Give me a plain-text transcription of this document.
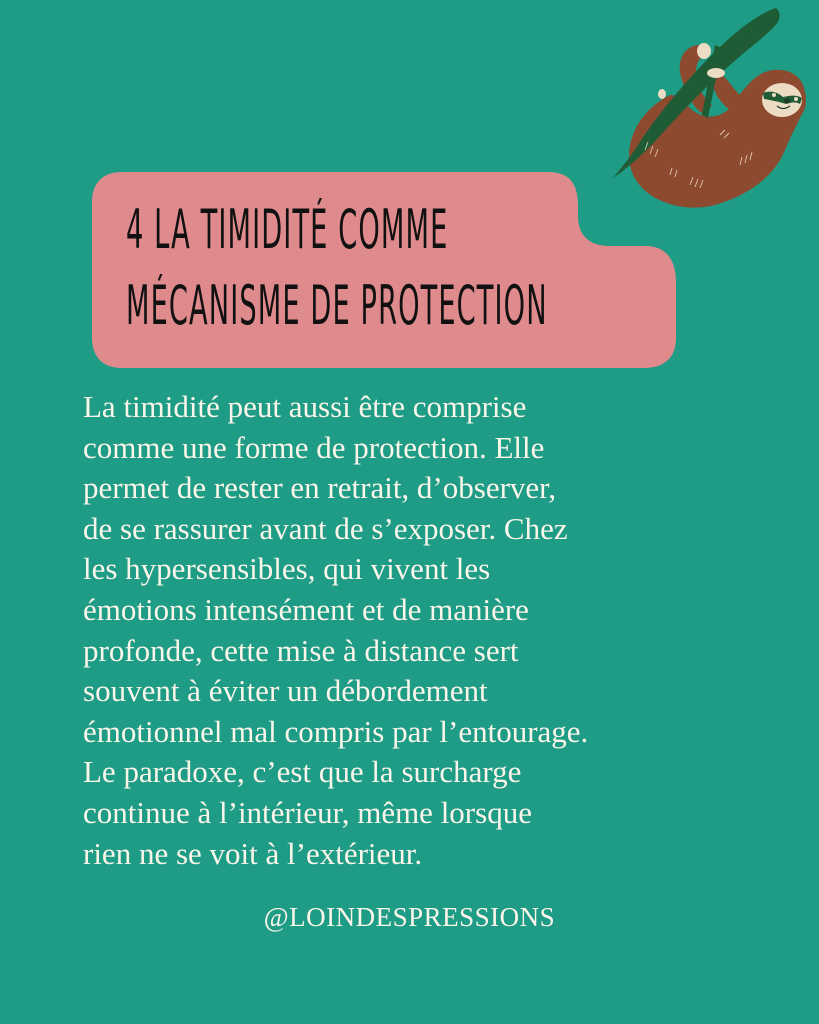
4 LA TIMIDITÉ COMME
MÉCANISME DE PROTECTION
La timidité peut aussi être comprise
comme une forme de protection. Elle
permet de rester en retrait, d’observer,
de se rassurer avant de s’exposer. Chez
les hypersensibles, qui vivent les
émotions intensément et de manière
profonde, cette mise à distance sert
souvent à éviter un débordement
émotionnel mal compris par l’entourage.
Le paradoxe, c’est que la surcharge
continue à l’intérieur, même lorsque
rien ne se voit à l’extérieur.
@LOINDESPRESSIONS
